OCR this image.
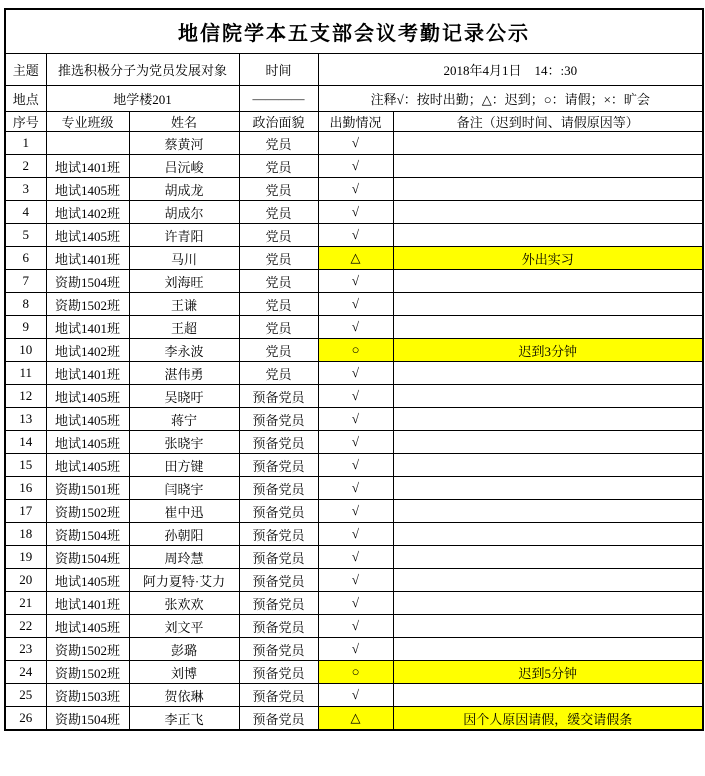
地信院学本五支部会议考勤记录公示					
主题	推选积极分子为党员发展对象		时间	2018年4月1日　14：:30	
地点	地学楼201		————	注释√：按时出勤；△：迟到；○：请假；×：旷会	
序号	专业班级	姓名	政治面貌	出勤情况	备注（迟到时间、请假原因等）
1		蔡黄河	党员	√	
2	地试1401班	吕沅峻	党员	√	
3	地试1405班	胡成龙	党员	√	
4	地试1402班	胡成尔	党员	√	
5	地试1405班	许青阳	党员	√	
6	地试1401班	马川	党员	△	外出实习
7	资勘1504班	刘海旺	党员	√	
8	资勘1502班	王谦	党员	√	
9	地试1401班	王超	党员	√	
10	地试1402班	李永波	党员	○	迟到3分钟
11	地试1401班	湛伟勇	党员	√	
12	地试1405班	吴晓吁	预备党员	√	
13	地试1405班	蒋宁	预备党员	√	
14	地试1405班	张晓宇	预备党员	√	
15	地试1405班	田方键	预备党员	√	
16	资勘1501班	闫晓宇	预备党员	√	
17	资勘1502班	崔中迅	预备党员	√	
18	资勘1504班	孙朝阳	预备党员	√	
19	资勘1504班	周玲慧	预备党员	√	
20	地试1405班	阿力夏特·艾力	预备党员	√	
21	地试1401班	张欢欢	预备党员	√	
22	地试1405班	刘文平	预备党员	√	
23	资勘1502班	彭璐	预备党员	√	
24	资勘1502班	刘博	预备党员	○	迟到5分钟
25	资勘1503班	贺依琳	预备党员	√	
26	资勘1504班	李正飞	预备党员	△	因个人原因请假，缓交请假条
